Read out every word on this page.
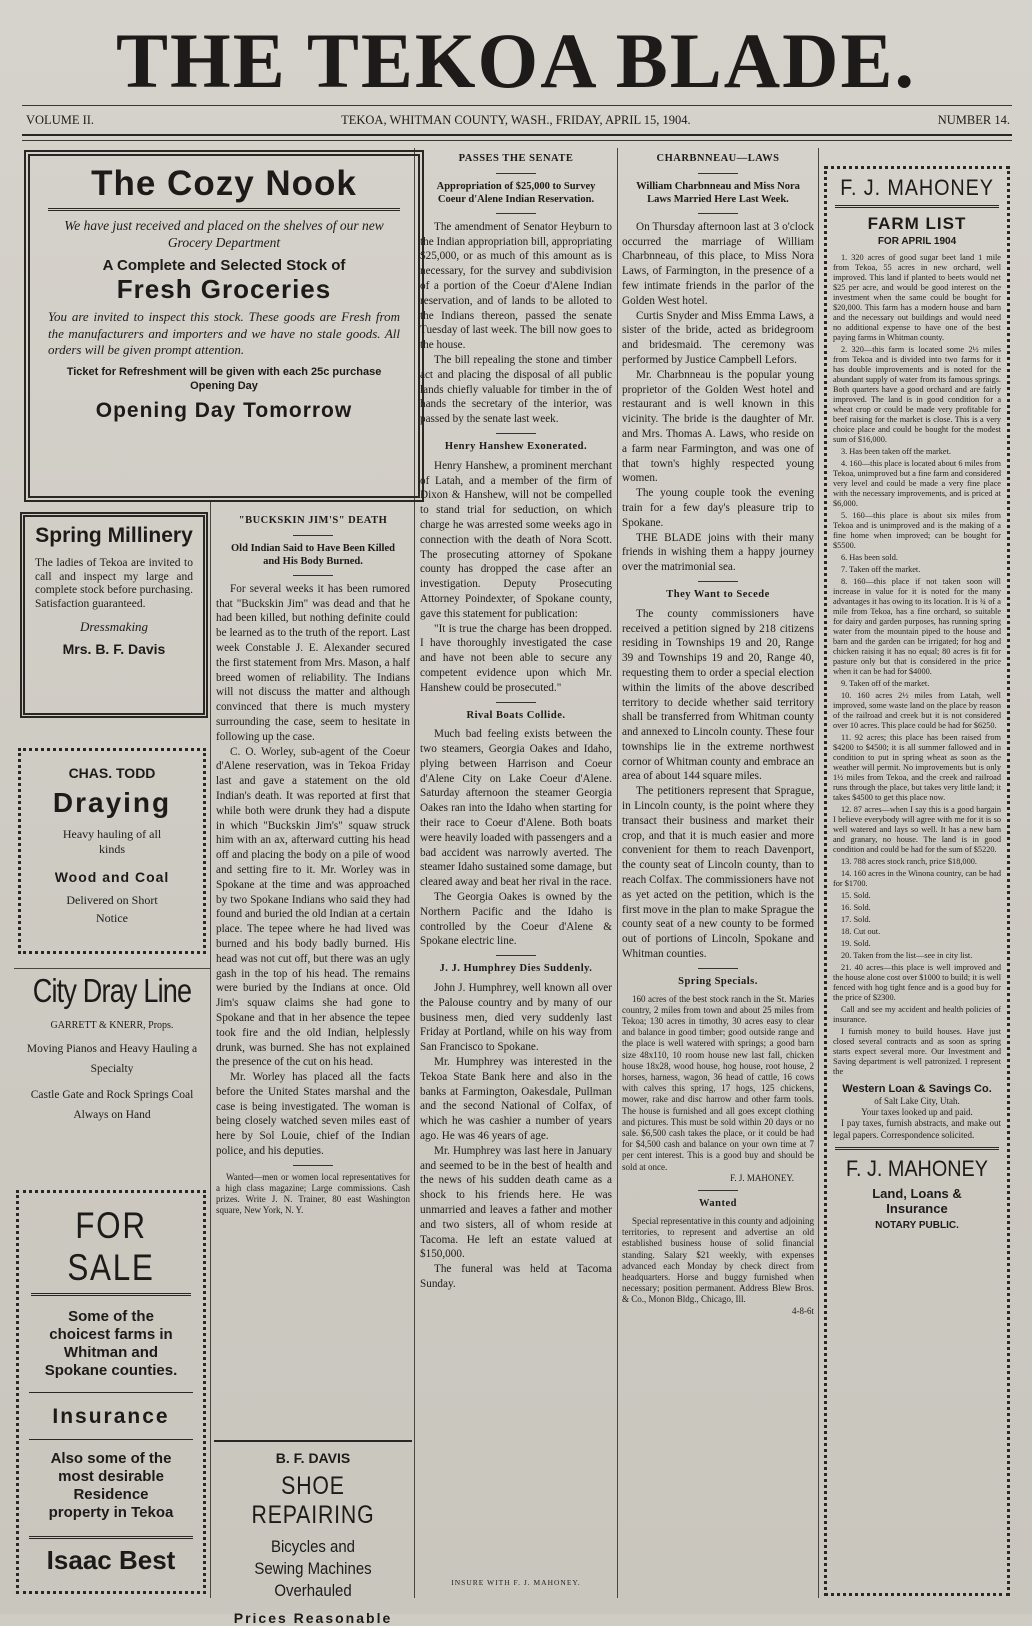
THE TEKOA BLADE.
VOLUME II.	TEKOA, WHITMAN COUNTY, WASH., FRIDAY, APRIL 15, 1904.	NUMBER 14.
The Cozy Nook
We have just received and placed on the shelves of our new Grocery Department
A Complete and Selected Stock of
Fresh Groceries
You are invited to inspect this stock. These goods are Fresh from the manufacturers and importers and we have no stale goods. All orders will be given prompt attention.
Ticket for Refreshment will be given with each 25c purchase Opening Day
Opening Day Tomorrow
Spring Millinery
The ladies of Tekoa are invited to call and inspect my large and complete stock before purchasing. Satisfaction guaranteed.
Dressmaking
Mrs. B. F. Davis
CHAS. TODD
Draying
Heavy hauling of all kinds
Wood and Coal
Delivered on Short Notice
City Dray Line
GARRETT & KNERR, Props.
Moving Pianos and Heavy Hauling a Specialty
Castle Gate and Rock Springs Coal Always on Hand
FOR SALE
Some of the choicest farms in Whitman and Spokane counties.
Insurance
Also some of the most desirable Residence property in Tekoa
Isaac Best
"BUCKSKIN JIM'S" DEATH
Old Indian Said to Have Been Killed and His Body Burned.

For several weeks it has been rumored that "Buckskin Jim" was dead and that he had been killed, but nothing definite could be learned as to the truth of the report. Last week Constable J. E. Alexander secured the first statement from Mrs. Mason, a half breed women of reliability. The Indians will not discuss the matter and although convinced that there is much mystery surrounding the case, seem to hesitate in following up the case.

C. O. Worley, sub-agent of the Coeur d'Alene reservation, was in Tekoa Friday last and gave a statement on the old Indian's death. It was reported at first that while both were drunk they had a dispute in which "Buckskin Jim's" squaw struck him with an ax, afterward cutting his head off and placing the body on a pile of wood and setting fire to it. Mr. Worley was in Spokane at the time and was approached by two Spokane Indians who said they had found and buried the old Indian at a certain place. The tepee where he had lived was burned and his body badly burned. His head was not cut off, but there was an ugly gash in the top of his head. The remains were buried by the Indians at once. Old Jim's squaw claims she had gone to Spokane and that in her absence the tepee took fire and the old Indian, helplessly drunk, was burned. She has not explained the presence of the cut on his head.

Mr. Worley has placed all the facts before the United States marshal and the case is being investigated. The woman is being closely watched seven miles east of here by Sol Louie, chief of the Indian police, and his deputies.

Wanted—men or women local representatives for a high class magazine; Large commissions. Cash prizes. Write J. N. Trainer, 80 east Washington square, New York, N. Y.
B. F. DAVIS
SHOE REPAIRING
Bicycles and Sewing Machines Overhauled
Prices Reasonable
PASSES THE SENATE
Appropriation of $25,000 to Survey Coeur d'Alene Indian Reservation.

The amendment of Senator Heyburn to the Indian appropriation bill, appropriating $25,000, or as much of this amount as is necessary, for the survey and subdivision of a portion of the Coeur d'Alene Indian reservation, and of lands to be alloted to the Indians thereon, passed the senate Tuesday of last week. The bill now goes to the house.

The bill repealing the stone and timber act and placing the disposal of all public lands chiefly valuable for timber in the of hands the secretary of the interior, was passed by the senate last week.

Henry Hanshew Exonerated.

Henry Hanshew, a prominent merchant of Latah, and a member of the firm of Dixon & Hanshew, will not be compelled to stand trial for seduction, on which charge he was arrested some weeks ago in connection with the death of Nora Scott. The prosecuting attorney of Spokane county has dropped the case after an investigation. Deputy Prosecuting Attorney Poindexter, of Spokane county, gave this statement for publication:

"It is true the charge has been dropped. I have thoroughly investigated the case and have not been able to secure any competent evidence upon which Mr. Hanshew could be prosecuted."

Rival Boats Collide.

Much bad feeling exists between the two steamers, Georgia Oakes and Idaho, plying between Harrison and Coeur d'Alene City on Lake Coeur d'Alene. Saturday afternoon the steamer Georgia Oakes ran into the Idaho when starting for their race to Coeur d'Alene. Both boats were heavily loaded with passengers and a bad accident was narrowly averted. The steamer Idaho sustained some damage, but cleared away and beat her rival in the race.

The Georgia Oakes is owned by the Northern Pacific and the Idaho is controlled by the Coeur d'Alene & Spokane electric line.

J. J. Humphrey Dies Suddenly.

John J. Humphrey, well known all over the Palouse country and by many of our business men, died very suddenly last Friday at Portland, while on his way from San Francisco to Spokane.

Mr. Humphrey was interested in the Tekoa State Bank here and also in the banks at Farmington, Oakesdale, Pullman and the second National of Colfax, of which he was cashier a number of years ago. He was 46 years of age.

Mr. Humphrey was last here in January and seemed to be in the best of health and the news of his sudden death came as a shock to his friends here. He was unmarried and leaves a father and mother and two sisters, all of whom reside at Tacoma. He left an estate valued at $150,000.

The funeral was held at Tacoma Sunday.

INSURE WITH F. J. MAHONEY.
CHARBNNEAU—LAWS
William Charbnneau and Miss Nora Laws Married Here Last Week.

On Thursday afternoon last at 3 o'clock occurred the marriage of William Charbnneau, of this place, to Miss Nora Laws, of Farmington, in the presence of a few intimate friends in the parlor of the Golden West hotel.

Curtis Snyder and Miss Emma Laws, a sister of the bride, acted as bridegroom and bridesmaid. The ceremony was performed by Justice Campbell Lefors.

Mr. Charbnneau is the popular young proprietor of the Golden West hotel and restaurant and is well known in this vicinity. The bride is the daughter of Mr. and Mrs. Thomas A. Laws, who reside on a farm near Farmington, and was one of that town's highly respected young women.

The young couple took the evening train for a few day's pleasure trip to Spokane.

THE BLADE joins with their many friends in wishing them a happy journey over the matrimonial sea.

They Want to Secede

The county commissioners have received a petition signed by 218 citizens residing in Townships 19 and 20, Range 39 and Townships 19 and 20, Range 40, requesting them to order a special election within the limits of the above described territory to decide whether said territory shall be transferred from Whitman county and annexed to Lincoln county. These four townships lie in the extreme northwest cornor of Whitman county and embrace an area of about 144 square miles.

The petitioners represent that Sprague, in Lincoln county, is the point where they transact their business and market their crop, and that it is much easier and more convenient for them to reach Davenport, the county seat of Lincoln county, than to reach Colfax. The commissioners have not as yet acted on the petition, which is the first move in the plan to make Sprague the county seat of a new county to be formed out of portions of Lincoln, Spokane and Whitman counties.

Spring Specials.
160 acres of the best stock ranch in the St. Maries country, 2 miles from town and about 25 miles from Tekoa; 130 acres in timothy, 30 acres easy to clear and balance in good timber; good outside range and the place is well watered with springs; a good barn size 48x110, 10 room house new last fall, chicken house 18x28, wood house, hog house, root house, 2 horses, harness, wagon, 36 head of cattle, 16 cows with calves this spring, 17 hogs, 125 chickens, mower, rake and disc harrow and other farm tools. The house is furnished and all goes except clothing and pictures. This must be sold within 20 days or no sale. $6,500 cash takes the place, or it could be had for $4,500 cash and balance on your own time at 7 per cent interest. This is a good buy and should be sold at once.
F. J. MAHONEY.
Wanted
Special representative in this county and adjoining territories, to represent and advertise an old established business house of solid financial standing. Salary $21 weekly, with expenses advanced each Monday by check direct from headquarters. Horse and buggy furnished when necessary; position permanent. Address Blew Bros. & Co., Monon Bldg., Chicago, Ill.
4-8-6t
F. J. MAHONEY
FARM LIST
FOR APRIL 1904

1. 320 acres of good sugar beet land 1 mile from Tekoa, 55 acres in new orchard, well improved. This land if planted to beets would net $25 per acre, and would be good interest on the investment when the same could be bought for $20,000. This farm has a modern house and barn and the necessary out buildings and would need no additional expense to have one of the best paying farms in Whitman county.

2. 320—this farm is located some 2½ miles from Tekoa and is divided into two farms for it has double improvements and is noted for the abundant supply of water from its famous springs. Both quarters have a good orchard and are fairly improved. The land is in good condition for a wheat crop or could be made very profitable for beef raising for the market is close. This is a very choice place and could be bought for the modest sum of $16,000.

3. Has been taken off the market.

4. 160—this place is located about 6 miles from Tekoa, unimproved but a fine farm and considered very level and could be made a very fine place with the necessary improvements, and is priced at $6,000.

5. 160—this place is about six miles from Tekoa and is unimproved and is the making of a fine home when improved; can be bought for $5500.

6. Has been sold.

7. Taken off the market.

8. 160—this place if not taken soon will increase in value for it is noted for the many advantages it has owing to its location. It is ¾ of a mile from Tekoa, has a fine orchard, so suitable for dairy and garden purposes, has running spring water from the mountain piped to the house and barn and the garden can be irrigated; for hog and chicken raising it has no equal; 80 acres is fit for pasture only but that is considered in the price when it can be had for $4000.

9. Taken off of the market.

10. 160 acres 2½ miles from Latah, well improved, some waste land on the place by reason of the railroad and creek but it is not considered over 10 acres. This place could be had for $6250.

11. 92 acres; this place has been raised from $4200 to $4500; it is all summer fallowed and in condition to put in spring wheat as soon as the weather will permit. No improvements but is only 1½ miles from Tekoa, and the creek and railroad runs through the place, but takes very little land; it takes $4500 to get this place now.

12. 87 acres—when I say this is a good bargain I believe everybody will agree with me for it is so well watered and lays so well. It has a new barn and granary, no house. The land is in good condition and could be had for the sum of $5220.

13. 788 acres stock ranch, price $18,000.

14. 160 acres in the Winona country, can be had for $1700.

15. Sold.

16. Sold.

17. Sold.

18. Cut out.

19. Sold.

20. Taken from the list—see in city list.

21. 40 acres—this place is well improved and the house alone cost over $1000 to build; it is well fenced with hog tight fence and is a good buy for the price of $2300.

Call and see my accident and health policies of insurance.

I furnish money to build houses. Have just closed several contracts and as soon as spring starts expect several more. Our Investment and Saving department is well patronized. I represent the

Western Loan & Savings Co.
of Salt Lake City, Utah.
Your taxes looked up and paid.
I pay taxes, furnish abstracts, and make out legal papers. Correspondence solicited.
F. J. MAHONEY
Land, Loans & Insurance
NOTARY PUBLIC.
